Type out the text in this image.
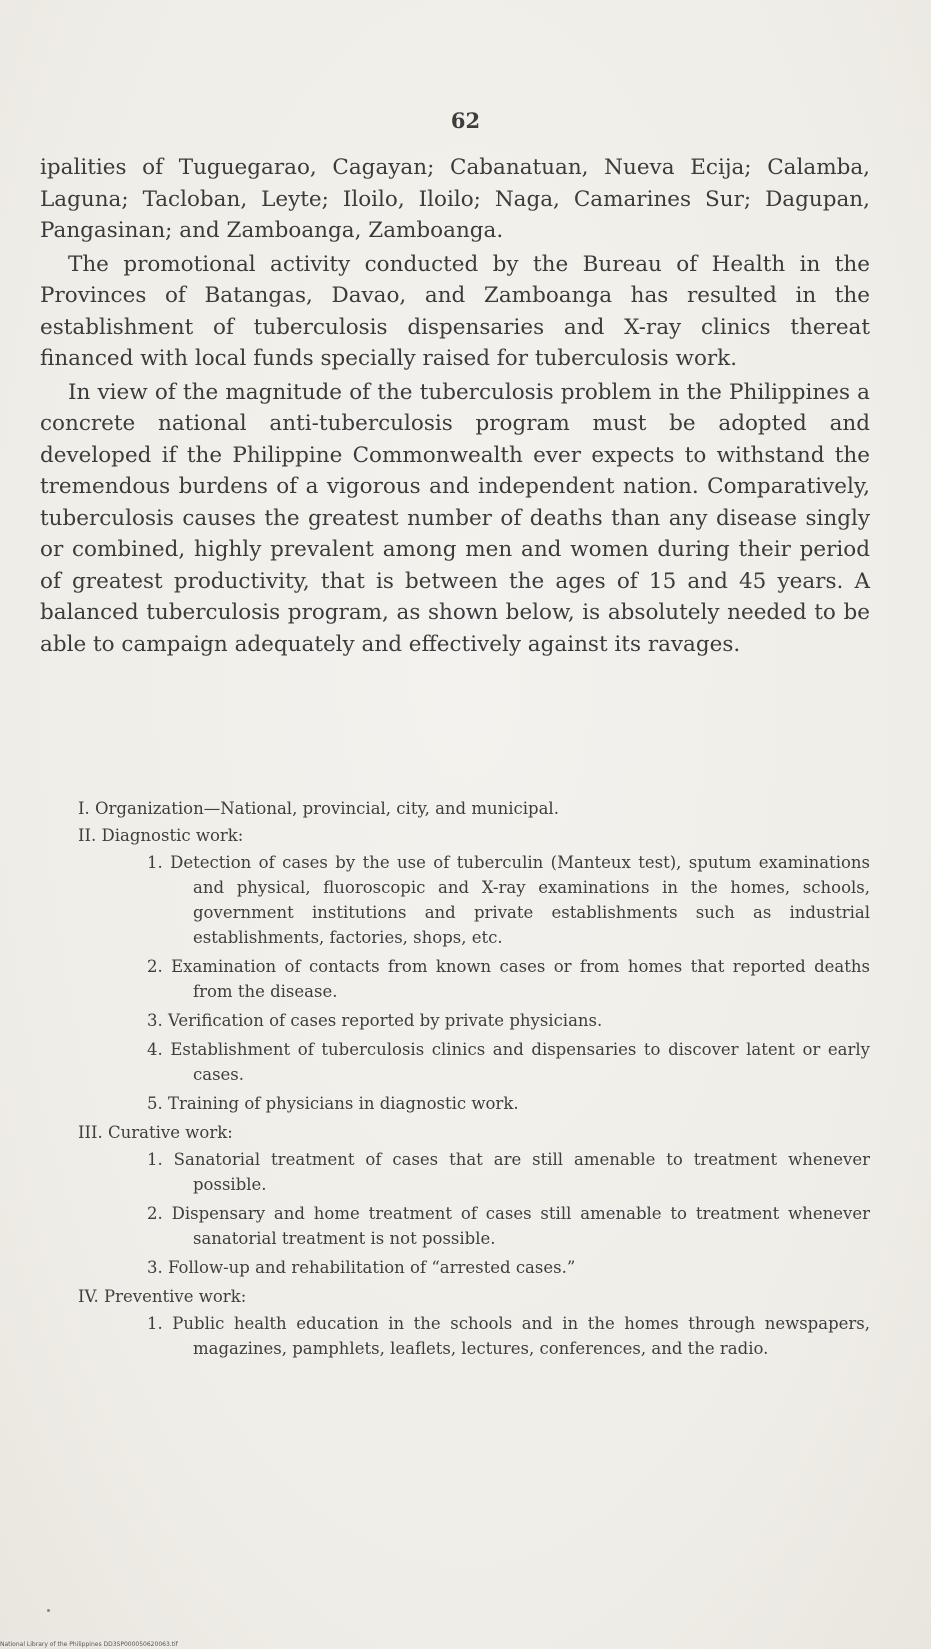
62

ipalities of Tuguegarao, Cagayan; Cabanatuan, Nueva Ecija; Calamba, Laguna; Tacloban, Leyte; Iloilo, Iloilo; Naga, Camarines Sur; Dagupan, Pangasinan; and Zamboanga, Zamboanga.

The promotional activity conducted by the Bureau of Health in the Provinces of Batangas, Davao, and Zamboanga has resulted in the establishment of tuberculosis dispensaries and X-ray clinics thereat financed with local funds specially raised for tuberculosis work.

In view of the magnitude of the tuberculosis problem in the Philippines a concrete national anti-tuberculosis program must be adopted and developed if the Philippine Commonwealth ever expects to withstand the tremendous burdens of a vigorous and independent nation. Comparatively, tuberculosis causes the greatest number of deaths than any disease singly or combined, highly prevalent among men and women during their period of greatest productivity, that is between the ages of 15 and 45 years. A balanced tuberculosis program, as shown below, is absolutely needed to be able to campaign adequately and effectively against its ravages.

I. Organization—National, provincial, city, and municipal.

II. Diagnostic work:

1. Detection of cases by the use of tuberculin (Manteux test), sputum examinations and physical, fluoroscopic and X-ray examinations in the homes, schools, government institutions and private establishments such as industrial establishments, factories, shops, etc.

2. Examination of contacts from known cases or from homes that reported deaths from the disease.

3. Verification of cases reported by private physicians.

4. Establishment of tuberculosis clinics and dispensaries to discover latent or early cases.

5. Training of physicians in diagnostic work.

III. Curative work:

1. Sanatorial treatment of cases that are still amenable to treatment whenever possible.

2. Dispensary and home treatment of cases still amenable to treatment whenever sanatorial treatment is not possible.

3. Follow-up and rehabilitation of “arrested cases.”

IV. Preventive work:

1. Public health education in the schools and in the homes through newspapers, magazines, pamphlets, leaflets, lectures, conferences, and the radio.

National Library of the Philippines DD3SP000050620063.tif
